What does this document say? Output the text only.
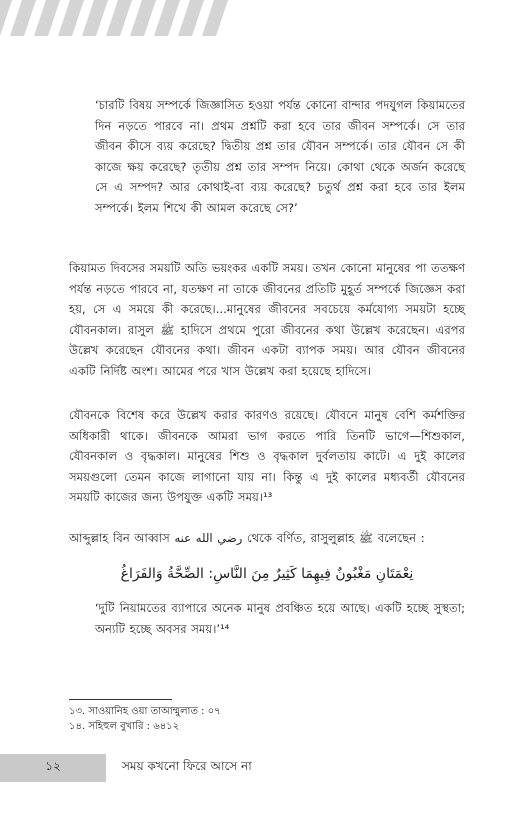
‘চারটি বিষয় সম্পর্কে জিজ্ঞাসিত হওয়া পর্যন্ত কোনো বান্দার পদযুগল কিয়ামতের দিন নড়তে পারবে না। প্রথম প্রশ্নটি করা হবে তার জীবন সম্পর্কে। সে তার জীবন কীসে ব্যয় করেছে? দ্বিতীয় প্রশ্ন তার যৌবন সম্পর্কে। তার যৌবন সে কী কাজে ক্ষয় করেছে? তৃতীয় প্রশ্ন তার সম্পদ নিয়ে। কোথা থেকে অর্জন করেছে সে এ সম্পদ? আর কোথাই-বা ব্যয় করেছে? চতুর্থ প্রশ্ন করা হবে তার ইলম সম্পর্কে। ইলম শিখে কী আমল করেছে সে?’

কিয়ামত দিবসের সময়টি অতি ভয়ংকর একটি সময়। তখন কোনো মানুষের পা ততক্ষণ পর্যন্ত নড়তে পারবে না, যতক্ষণ না তাকে জীবনের প্রতিটি মুহূর্ত সম্পর্কে জিজ্ঞেস করা হয়, সে এ সময়ে কী করেছে।...মানুষের জীবনের সবচেয়ে কর্মযোগ্য সময়টা হচ্ছে যৌবনকাল। রাসুল ﷺ হাদিসে প্রথমে পুরো জীবনের কথা উল্লেখ করেছেন। এরপর উল্লেখ করেছেন যৌবনের কথা। জীবন একটা ব্যাপক সময়। আর যৌবন জীবনের একটি নির্দিষ্ট অংশ। আমের পরে খাস উল্লেখ করা হয়েছে হাদিসে।

যৌবনকে বিশেষ করে উল্লেখ করার কারণও রয়েছে। যৌবনে মানুষ বেশি কর্মশক্তির অধিকারী থাকে। জীবনকে আমরা ভাগ করতে পারি তিনটি ভাগে—শিশুকাল, যৌবনকাল ও বৃদ্ধকাল। মানুষের শিশু ও বৃদ্ধকাল দুর্বলতায় কাটে। এ দুই কালের সময়গুলো তেমন কাজে লাগানো যায় না। কিন্তু এ দুই কালের মধ্যবর্তী যৌবনের সময়টি কাজের জন্য উপযুক্ত একটি সময়।¹³

আব্দুল্লাহ বিন আব্বাস رضي الله عنه থেকে বর্ণিত, রাসুলুল্লাহ ﷺ বলেছেন :

نِعْمَتَانِ مَغْبُونٌ فِيهِمَا كَثِيرٌ مِنَ النَّاسِ: الصِّحَّةُ وَالفَرَاغُ

‘দুটি নিয়ামতের ব্যাপারে অনেক মানুষ প্রবঞ্চিত হয়ে আছে। একটি হচ্ছে সুস্থতা; অন্যটি হচ্ছে অবসর সময়।’¹⁴

১৩. সাওয়ানিহ ওয়া তাআম্মুলাত : ০৭
১৪. সহিহুল বুখারি : ৬৪১২
১২	সময় কখনো ফিরে আসে না
